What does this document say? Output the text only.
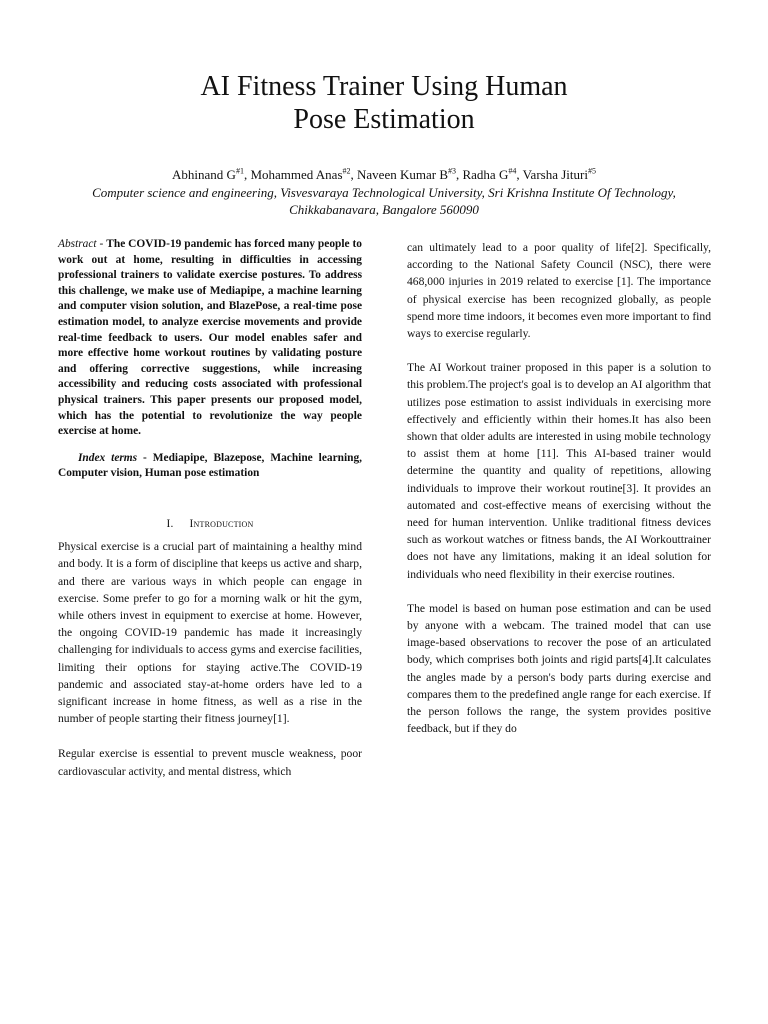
AI Fitness Trainer Using Human
Pose Estimation
Abhinand $G^{\#1}$, Mohammed Anas$^{\#2}$, Naveen Kumar $B^{\#3}$, Radha $G^{\#4}$, Varsha Jituri$^{\#5}$
Computer science and engineering, Visvesvaraya Technological University, Sri Krishna Institute Of Technology,
Chikkabanavara, Bangalore 560090

Abstract - The COVID-19 pandemic has forced many people to work out at home, resulting in difficulties in accessing professional trainers to validate exercise postures. To address this challenge, we make use of Mediapipe, a machine learning and computer vision solution, and BlazePose, a real-time pose estimation model, to analyze exercise movements and provide real-time feedback to users. Our model enables safer and more effective home workout routines by validating posture and offering corrective suggestions, while increasing accessibility and reducing costs associated with professional physical trainers. This paper presents our proposed model, which has the potential to revolutionize the way people exercise at home.

Index terms - Mediapipe, Blazepose, Machine learning, Computer vision, Human pose estimation

I. Introduction

Physical exercise is a crucial part of maintaining a healthy mind and body. It is a form of discipline that keeps us active and sharp, and there are various ways in which people can engage in exercise. Some prefer to go for a morning walk or hit the gym, while others invest in equipment to exercise at home. However, the ongoing COVID-19 pandemic has made it increasingly challenging for individuals to access gyms and exercise facilities, limiting their options for staying active.The COVID-19 pandemic and associated stay-at-home orders have led to a significant increase in home fitness, as well as a rise in the number of people starting their fitness journey[1].

Regular exercise is essential to prevent muscle weakness, poor cardiovascular activity, and mental distress, which

can ultimately lead to a poor quality of life[2]. Specifically, according to the National Safety Council (NSC), there were 468,000 injuries in 2019 related to exercise [1]. The importance of physical exercise has been recognized globally, as people spend more time indoors, it becomes even more important to find ways to exercise regularly.

The AI Workout trainer proposed in this paper is a solution to this problem.The project's goal is to develop an AI algorithm that utilizes pose estimation to assist individuals in exercising more effectively and efficiently within their homes.It has also been shown that older adults are interested in using mobile technology to assist them at home [11]. This AI-based trainer would determine the quantity and quality of repetitions, allowing individuals to improve their workout routine[3]. It provides an automated and cost-effective means of exercising without the need for human intervention. Unlike traditional fitness devices such as workout watches or fitness bands, the AI Workouttrainer does not have any limitations, making it an ideal solution for individuals who need flexibility in their exercise routines.

The model is based on human pose estimation and can be used by anyone with a webcam. The trained model that can use image-based observations to recover the pose of an articulated body, which comprises both joints and rigid parts[4].It calculates the angles made by a person's body parts during exercise and compares them to the predefined angle range for each exercise. If the person follows the range, the system provides positive feedback, but if they do
